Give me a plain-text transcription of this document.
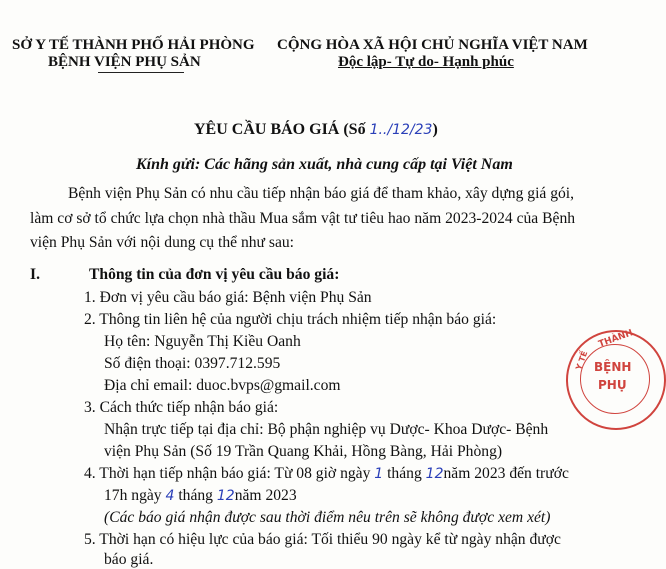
SỞ Y TẾ THÀNH PHỐ HẢI PHÒNG
BỆNH VIỆN PHỤ SẢN
CỘNG HÒA XÃ HỘI CHỦ NGHĨA VIỆT NAM
Độc lập- Tự do- Hạnh phúc
YÊU CẦU BÁO GIÁ (Số 1../12/23)
Kính gửi: Các hãng sản xuất, nhà cung cấp tại Việt Nam
Bệnh viện Phụ Sản có nhu cầu tiếp nhận báo giá để tham khảo, xây dựng giá gói,
làm cơ sở tổ chức lựa chọn nhà thầu Mua sắm vật tư tiêu hao năm 2023-2024 của Bệnh
viện Phụ Sản với nội dung cụ thể như sau:
I.	Thông tin của đơn vị yêu cầu báo giá:
1. Đơn vị yêu cầu báo giá: Bệnh viện Phụ Sản
2. Thông tin liên hệ của người chịu trách nhiệm tiếp nhận báo giá:
Họ tên: Nguyễn Thị Kiều Oanh
Số điện thoại: 0397.712.595
Địa chỉ email: duoc.bvps@gmail.com
3. Cách thức tiếp nhận báo giá:
Nhận trực tiếp tại địa chỉ: Bộ phận nghiệp vụ Dược- Khoa Dược- Bệnh
viện Phụ Sản (Số 19 Trần Quang Khải, Hồng Bàng, Hải Phòng)
4. Thời hạn tiếp nhận báo giá: Từ 08 giờ ngày 1 tháng 12năm 2023 đến trước
17h ngày 4 tháng 12năm 2023
(Các báo giá nhận được sau thời điểm nêu trên sẽ không được xem xét)
5. Thời hạn có hiệu lực của báo giá: Tối thiểu 90 ngày kể từ ngày nhận được
báo giá.
THÀNH
Y TẾ BỆNH
PHỤ
